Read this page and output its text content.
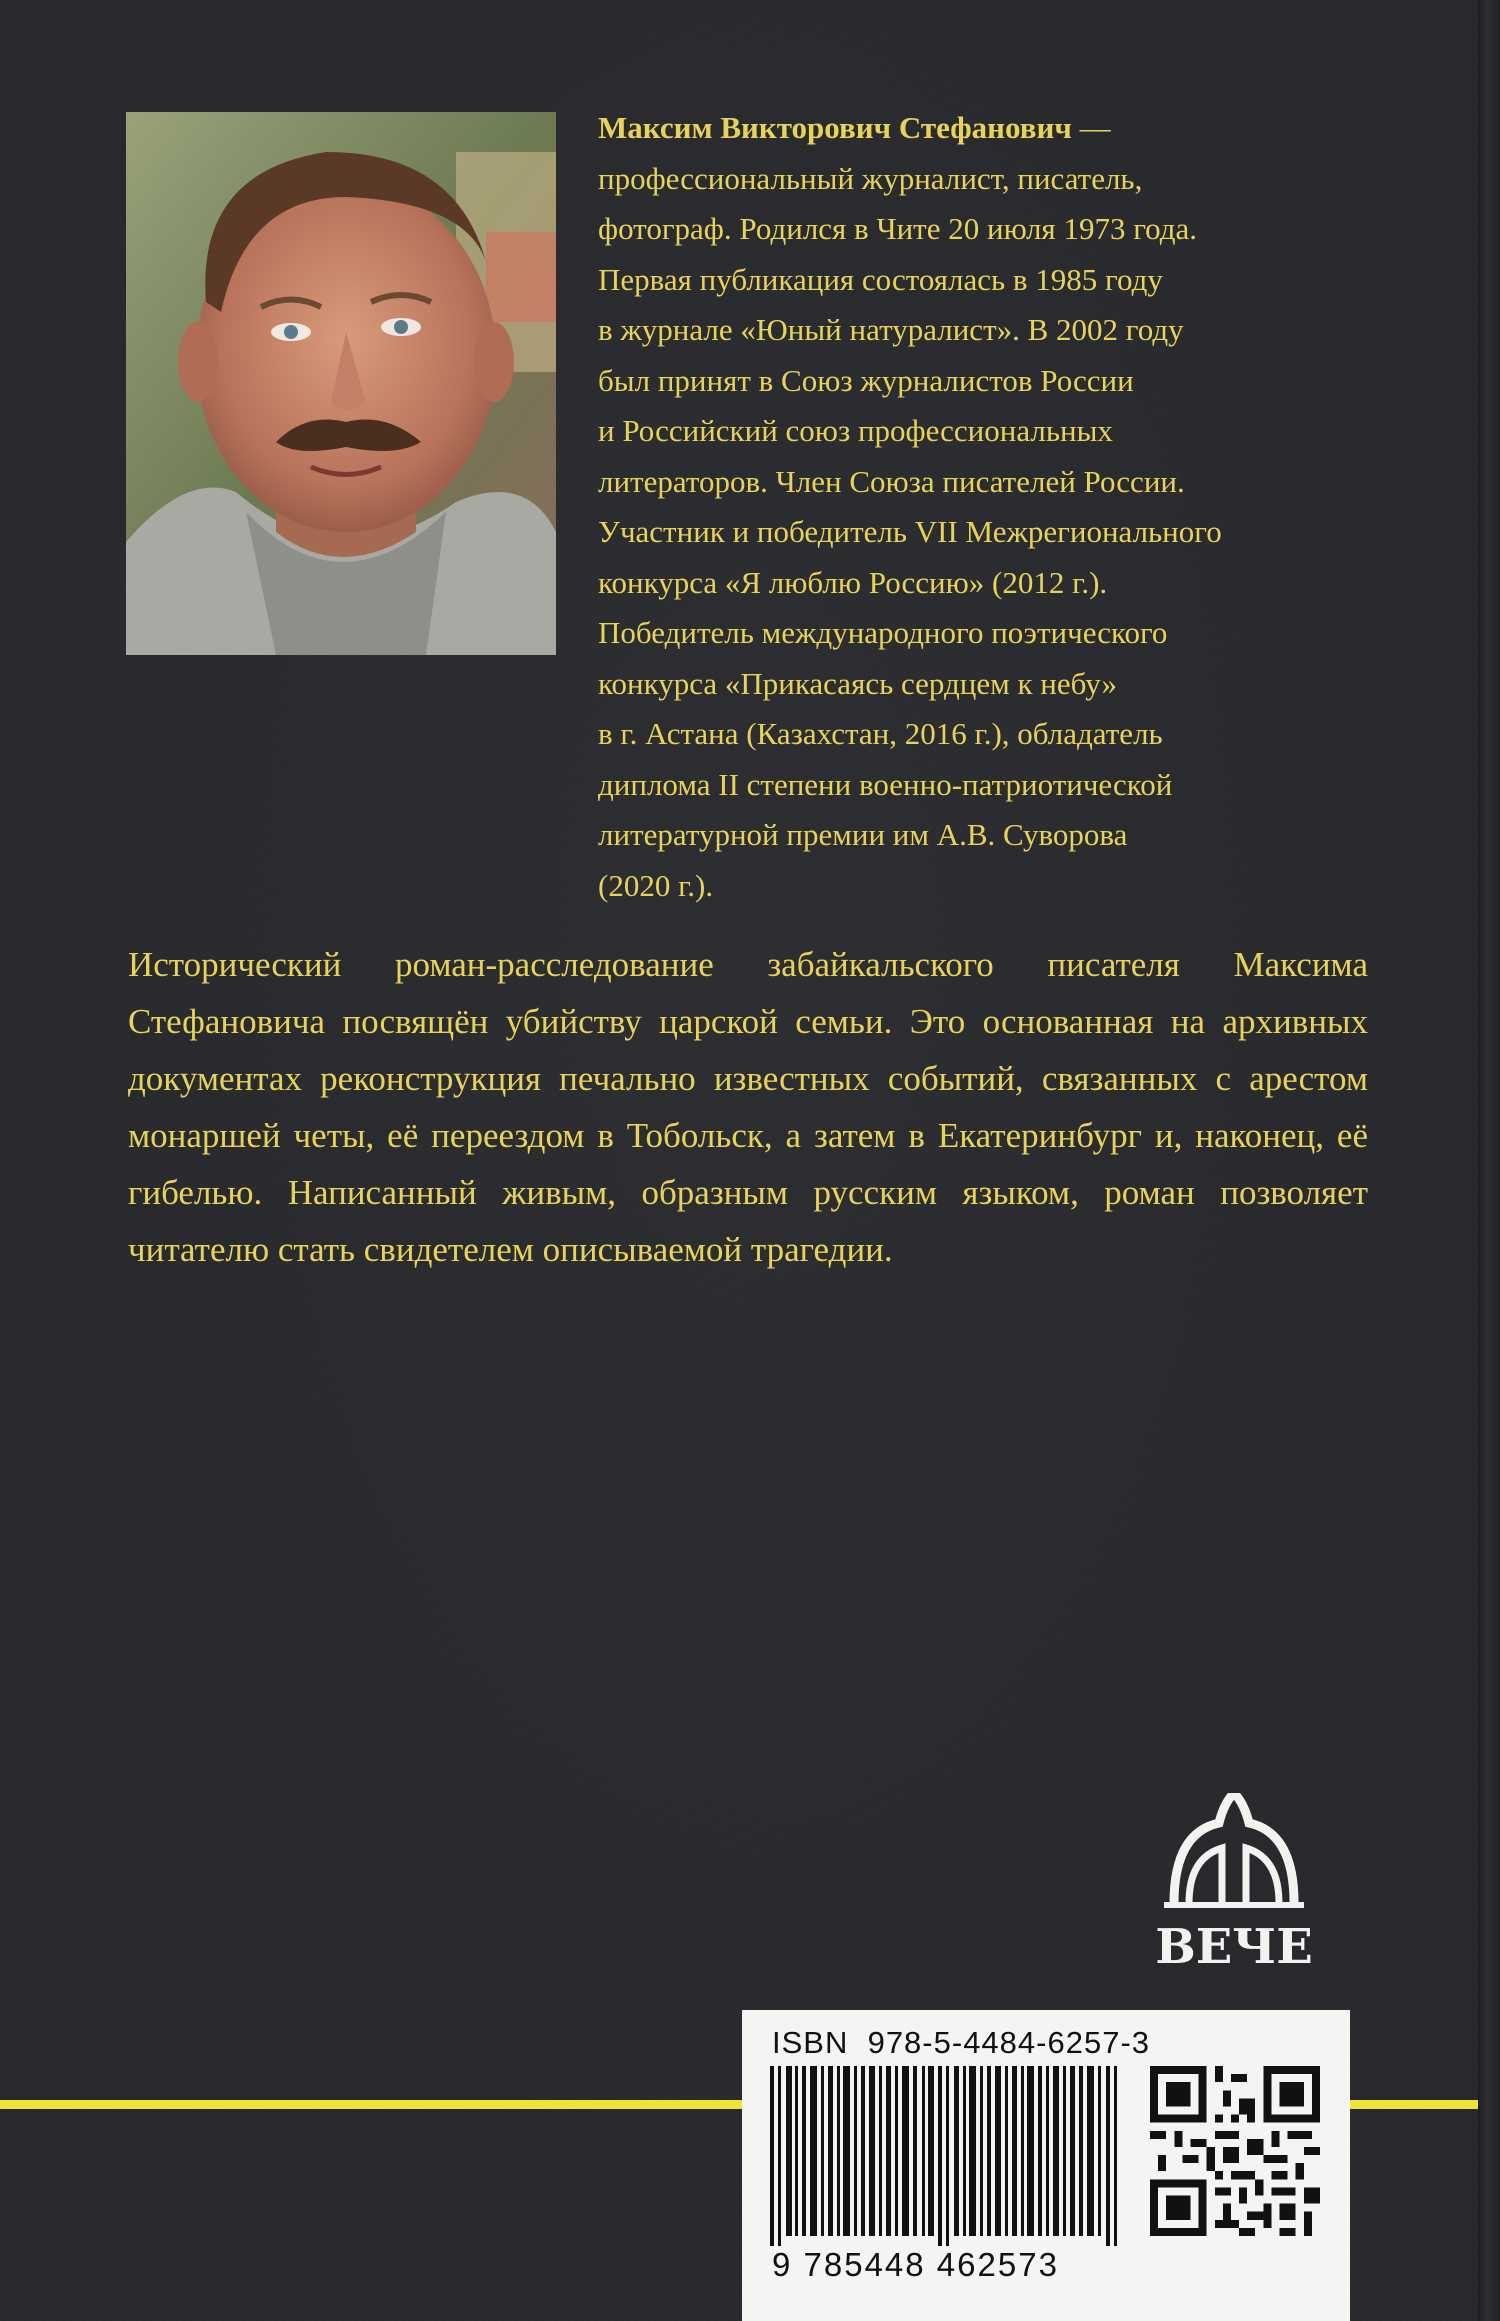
Максим Викторович Стефанович —

профессиональный журналист, писатель,

фотограф. Родился в Чите 20 июля 1973 года.

Первая публикация состоялась в 1985 году

в журнале «Юный натуралист». В 2002 году

был принят в Союз журналистов России

и Российский союз профессиональных

литераторов. Член Союза писателей России.

Участник и победитель VII Межрегионального

конкурса «Я люблю Россию» (2012 г.).

Победитель международного поэтического

конкурса «Прикасаясь сердцем к небу»

в г. Астана (Казахстан, 2016 г.), обладатель

диплома II степени военно-патриотической

литературной премии им А.В. Суворова

(2020 г.).

Исторический роман-расследование забайкальского писателя Максима Стефановича посвящён убийству царской семьи. Это основанная на архивных документах реконструкция печально известных событий, связанных с арестом монаршей четы, её переездом в Тобольск, а затем в Екатеринбург и, наконец, её гибелью. Написанный живым, образным русским языком, роман позволяет читателю стать свидетелем описываемой трагедии.

ВЕЧЕ
ISBN  978-5-4484-6257-3
9 785448 462573
